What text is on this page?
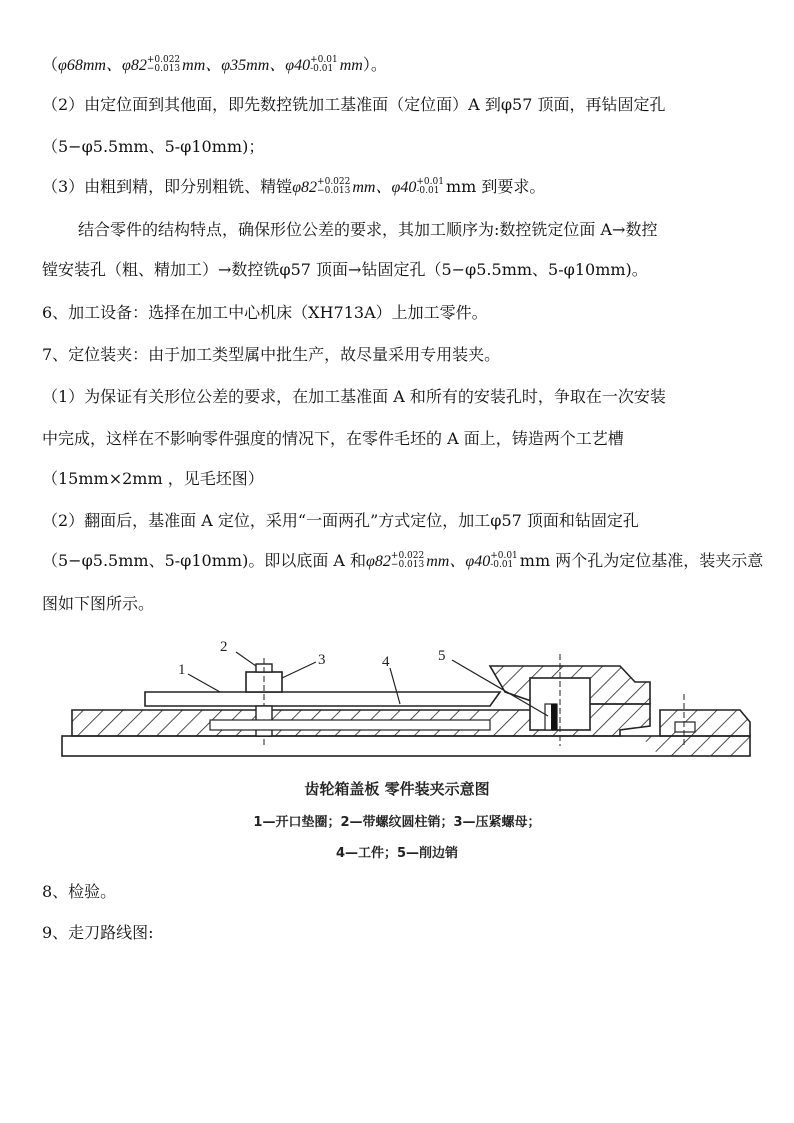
（φ68mm、φ82 +0.022
−0.013 mm、φ35mm、φ40 +0.01
-0.01 mm）。
（2）由定位面到其他面，即先数控铣加工基准面（定位面）A 到φ57 顶面，再钻固定孔
（5−φ5.5mm、5-φ10mm)；
（3）由粗到精，即分别粗铣、精镗φ82 +0.022
−0.013 mm、φ40 +0.01
-0.01 mm 到要求。
结合零件的结构特点，确保形位公差的要求，其加工顺序为:数控铣定位面 A→数控
镗安装孔（粗、精加工）→数控铣φ57 顶面→钻固定孔（5−φ5.5mm、5-φ10mm)。
6、加工设备：选择在加工中心机床（XH713A）上加工零件。
7、定位装夹：由于加工类型属中批生产，故尽量采用专用装夹。
（1）为保证有关形位公差的要求，在加工基准面 A 和所有的安装孔时，争取在一次安装
中完成，这样在不影响零件强度的情况下，在零件毛坯的 A 面上，铸造两个工艺槽
（15mm×2mm ，见毛坯图）
（2）翻面后，基准面 A 定位，采用“一面两孔”方式定位，加工φ57 顶面和钻固定孔
（5−φ5.5mm、5-φ10mm)。即以底面 A 和φ82 +0.022
−0.013 mm、φ40 +0.01
-0.01 mm 两个孔为定位基准，装夹示意
图如下图所示。
1
2
3	4	5
齿轮箱盖板 零件装夹示意图
1—开口垫圈；2—带螺纹圆柱销；3—压紧螺母；
4—工件；5—削边销
8、检验。
9、走刀路线图:
